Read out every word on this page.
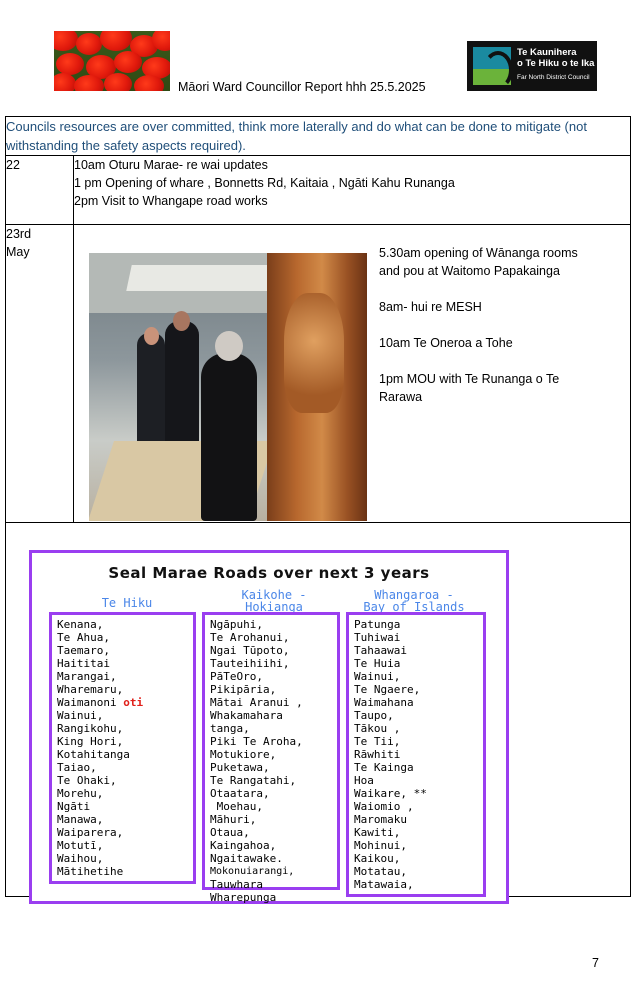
Māori Ward Councillor Report hhh 25.5.2025
Te Kaunihera
o Te Hiku o te Ika
Far North District Council
Councils resources are over committed, think more laterally and do what can be done to mitigate (not withstanding the safety aspects required).	
22	10am Oturu Marae- re wai updates
1 pm Opening of whare , Bonnetts Rd, Kaitaia , Ngāti Kahu Runanga
2pm Visit to Whangape road works

23rd
May	
		5.30am opening of Wānanga rooms
and pou at Waitomo Papakainga

8am- hui re MESH

10am Te Oneroa a Tohe

1pm MOU with Te Runanga o Te
Rarawa
Seal Marae Roads over next 3 years
Te Hiku
Kaikohe -
Hokianga
Whangaroa -
Bay of Islands
Kenana,
Te Ahua,
Taemaro,
Haititai
Marangai,
Wharemaru,
Waimanoni oti
Wainui,
Rangikohu,
King Hori,
Kotahitanga
Taiao,
Te Ohaki,
Morehu,
Ngāti
Manawa,
Waiparera,
Motutī,
Waihou,
Mātihetihe
Ngāpuhi,
Te Arohanui,
Ngai Tūpoto,
Tauteihiihi,
PāTeOro,
Pikipāria,
Mātai Aranui ,
Whakamahara
tanga,
Piki Te Aroha,
Motukiore,
Puketawa,
Te Rangatahi,
Otaatara,
Moehau,
Māhuri,
Otaua,
Kaingahoa,
Ngaitawake.
Mokonuiarangi,
Tauwhara
Wharepunga
Patunga
Tuhiwai
Tahaawai
Te Huia
Wainui,
Te Ngaere,
Waimahana
Taupo,
Tākou ,
Te Tii,
Rāwhiti
Te Kainga
Hoa
Waikare, **
Waiomio ,
Maromaku
Kawiti,
Mohinui,
Kaikou,
Motatau,
Matawaia,
7
